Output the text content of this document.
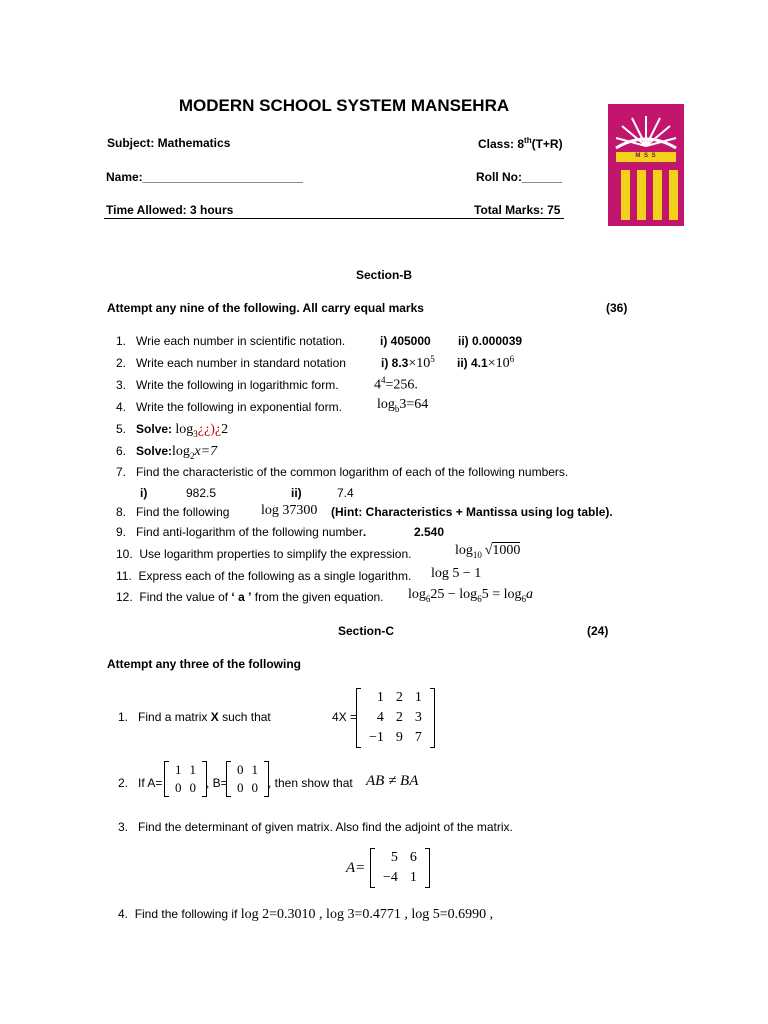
MODERN SCHOOL SYSTEM MANSEHRA
M S S
Subject: Mathematics	Class: 8th(T+R)
Name:________________________	Roll No:______
Time Allowed: 3 hours	Total Marks: 75
Section-B
Attempt any nine of the following. All carry equal marks	(36)
1. Wrie each number in scientific notation.	i) 405000 ii) 0.000039
2. Write each number in standard notation	i) $8.3\times 10^5$ ii) $4.1\times 10^6$
3. Write the following in logarithmic form.	$4^4=256$.
4. Write the following in exponential form.	$\log_b3=64$
5. Solve: $\log_3¿¿)¿2$
6. $Solve:\log_2x=7$
7. Find the characteristic of the common logarithm of each of the following numbers.
i)	982.5	ii)	7.4
8. Find the following log 37300 (Hint: Characteristics + Mantissa using log table).
9. Find anti-logarithm of the following number.	2.540
10. Use logarithm properties to simplify the expression.	$\log_{10} √1000$
11. Express each of the following as a single logarithm. log 5 − 1
12. Find the value of ‘ a ’ from the given equation. $\log_625 - \log_65 = \log_6a$
Section-C	(24)
Attempt any three of the following
1. Find a matrix X such that	4X =
1	2	1
4	2	3
−1	9	7
2. If A=
1	1
0	0 , B=
0	1
0	0 , then show that AB ≠ BA
3. Find the determinant of given matrix. Also find the adjoint of the matrix.
A=
5	6
−4	1
4. Find the following if log 2=0.3010 , log 3=0.4771 , log 5=0.6990 ,
